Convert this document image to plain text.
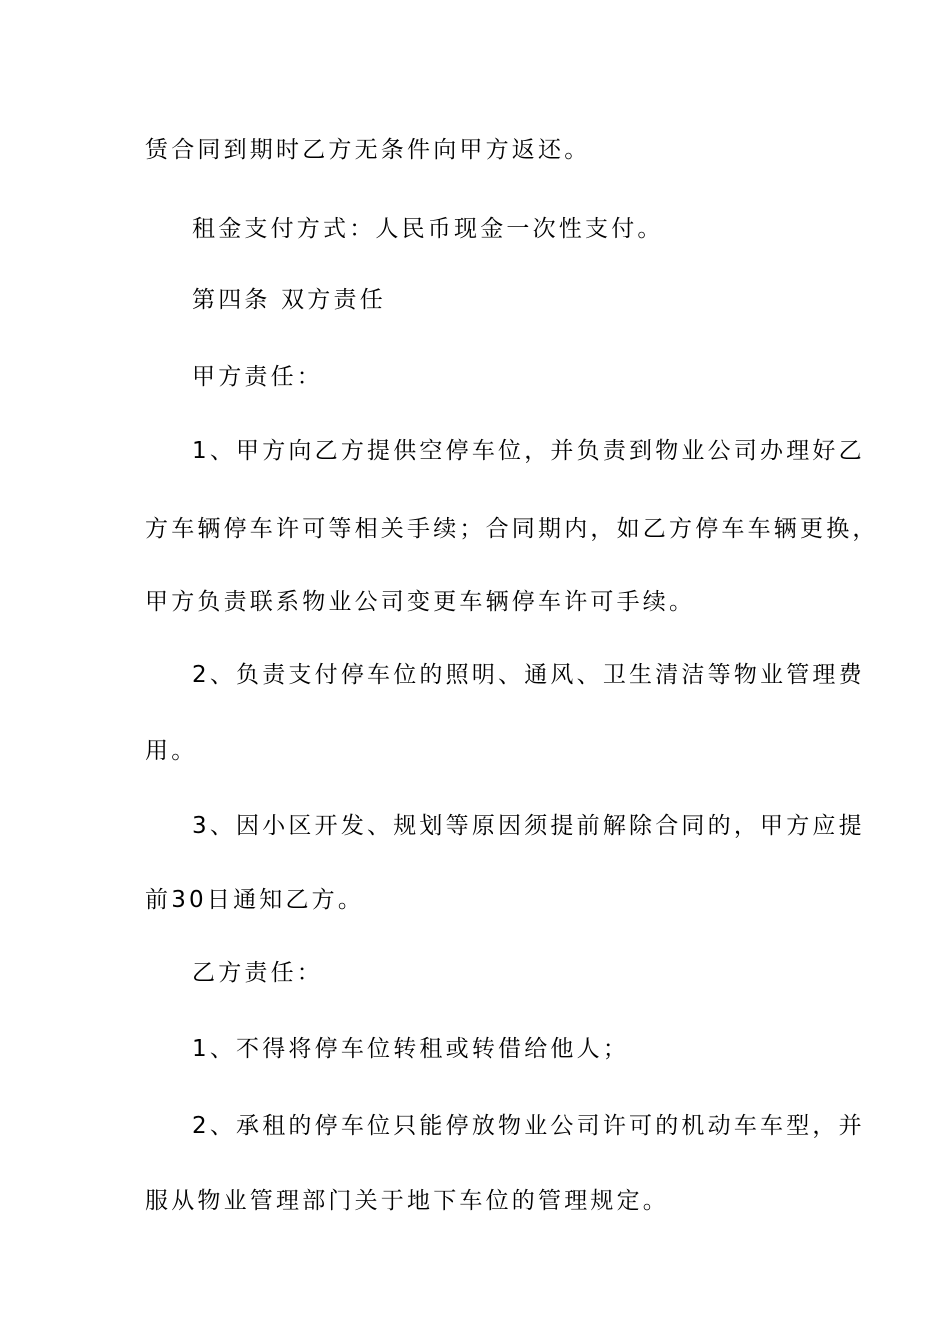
赁合同到期时乙方无条件向甲方返还。
租金支付方式：人民币现金一次性支付。
第四条 双方责任
甲方责任：
1、甲方向乙方提供空停车位，并负责到物业公司办理好乙
方车辆停车许可等相关手续；合同期内，如乙方停车车辆更换，
甲方负责联系物业公司变更车辆停车许可手续。
2、负责支付停车位的照明、通风、卫生清洁等物业管理费
用。
3、因小区开发、规划等原因须提前解除合同的，甲方应提
前30日通知乙方。
乙方责任：
1、不得将停车位转租或转借给他人；
2、承租的停车位只能停放物业公司许可的机动车车型，并
服从物业管理部门关于地下车位的管理规定。
